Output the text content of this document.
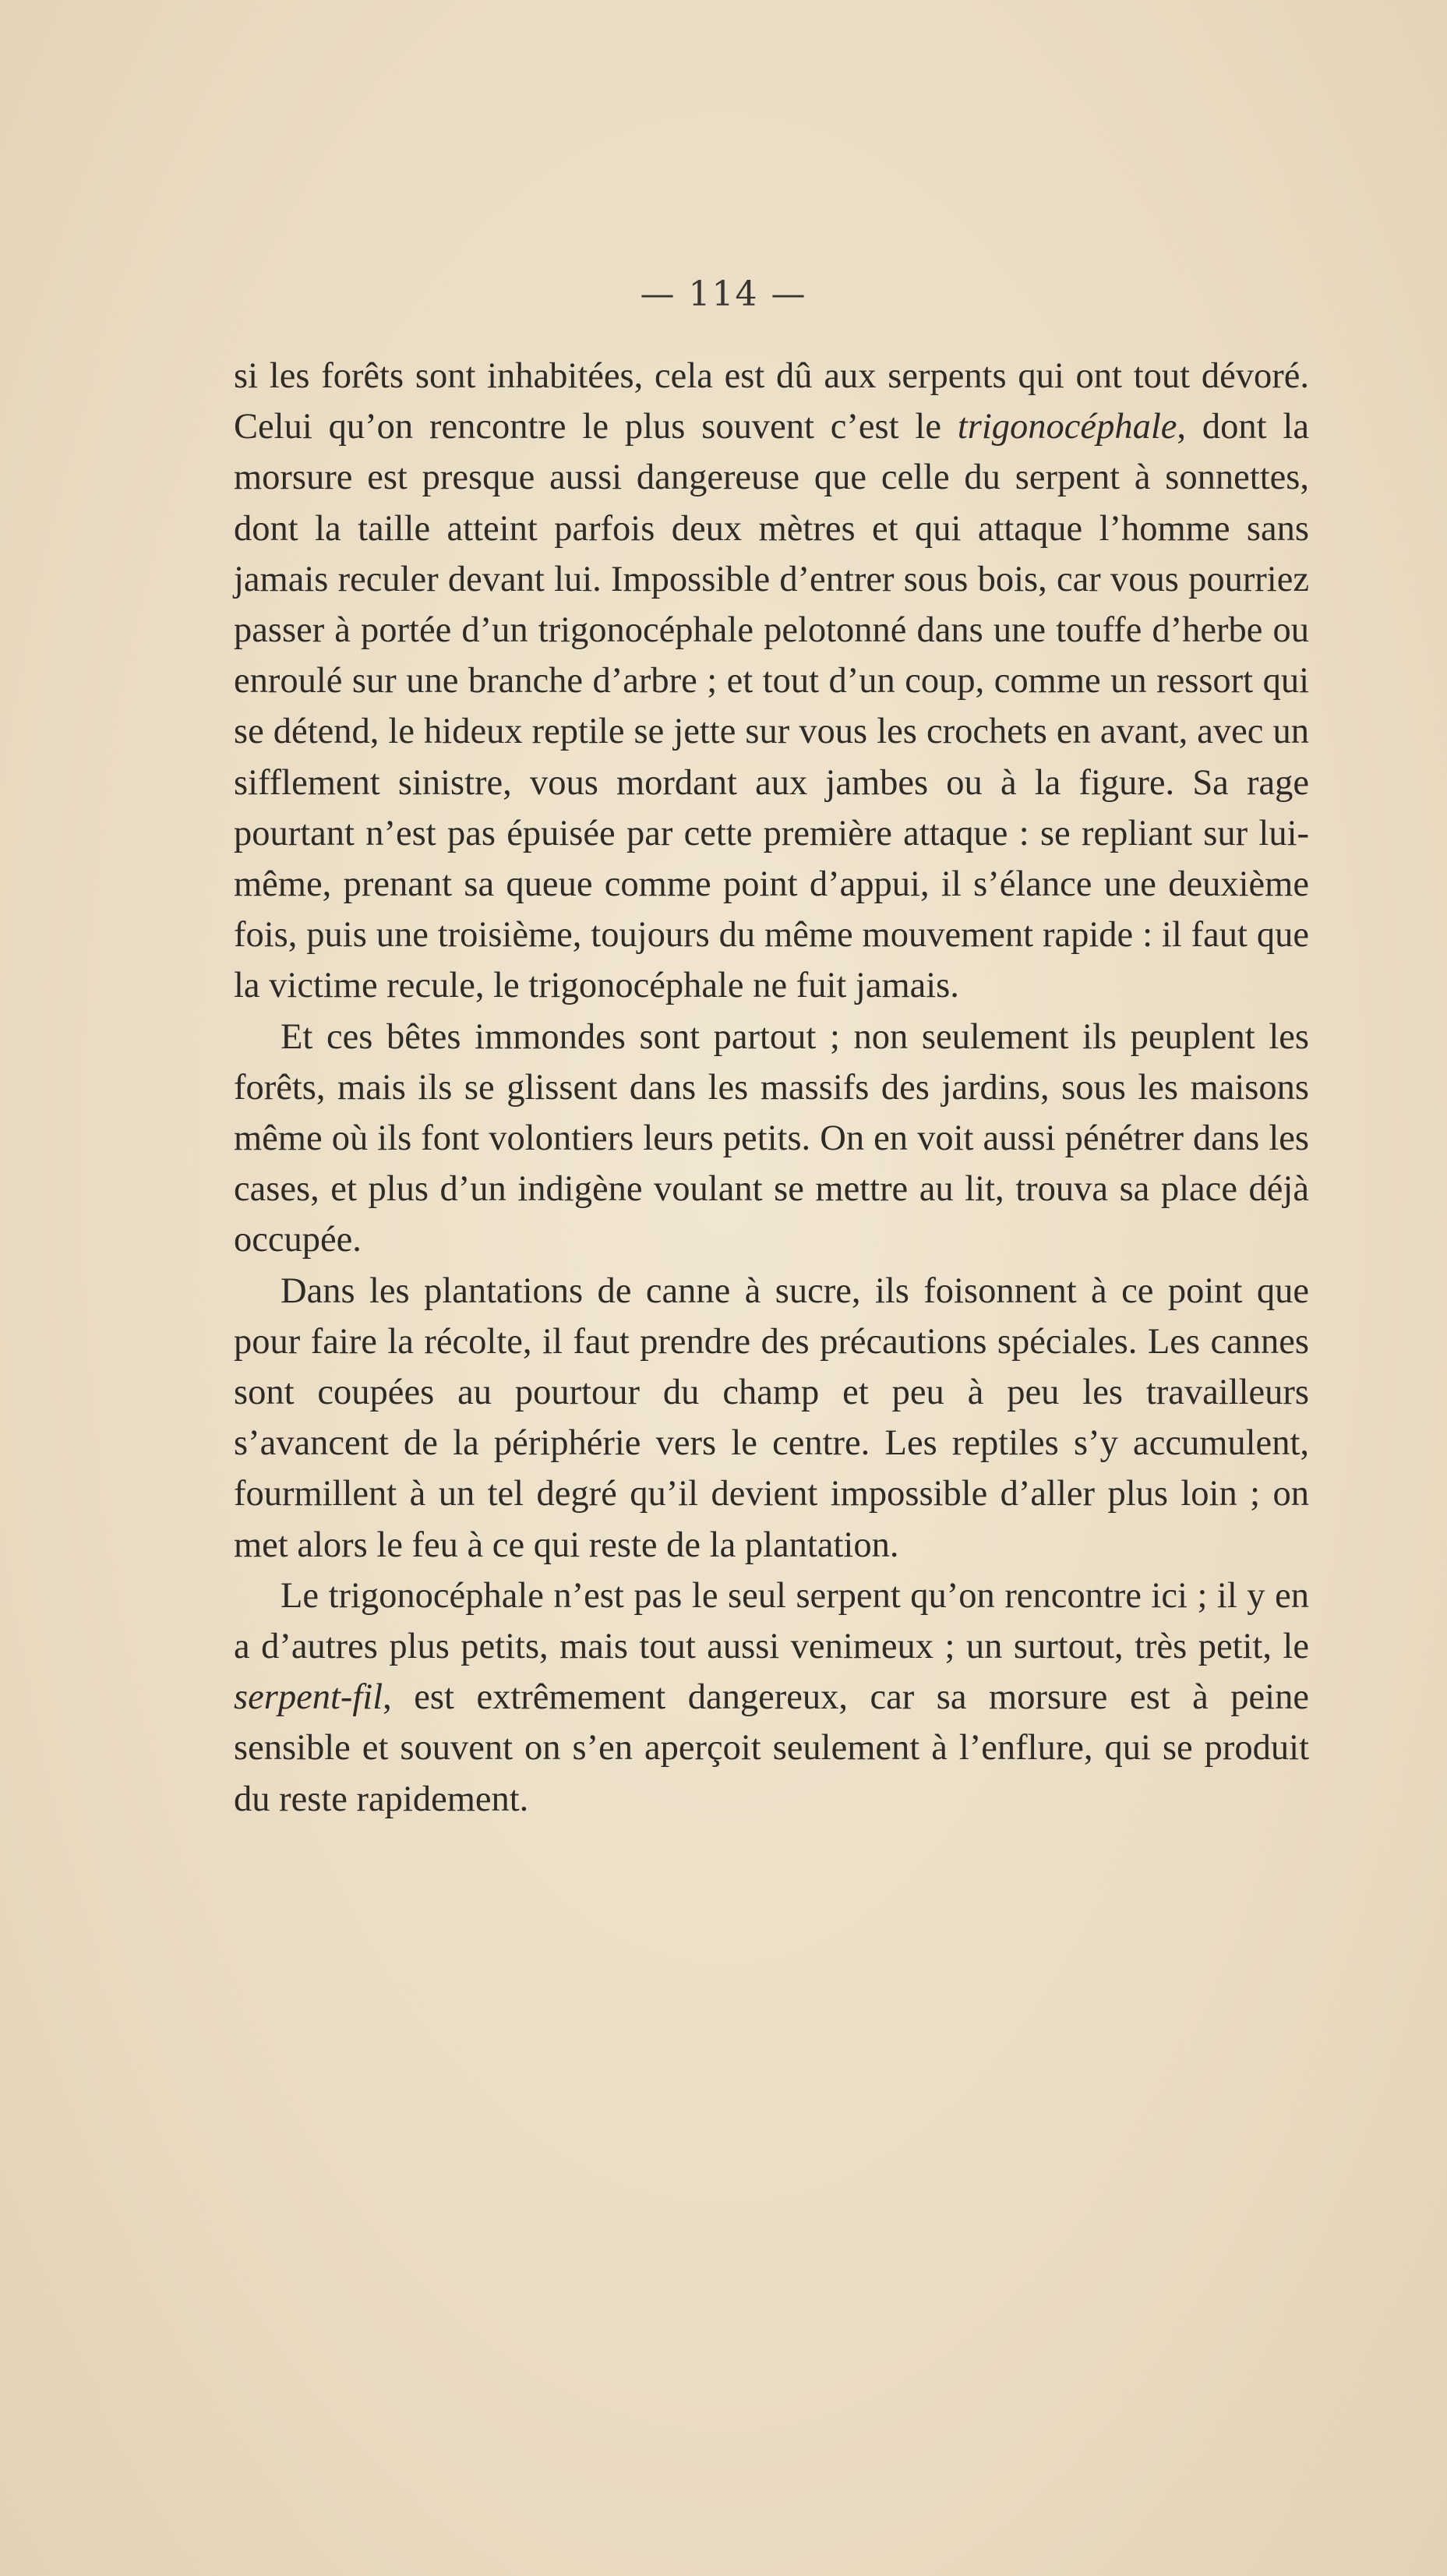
— 114 —

si les forêts sont inhabitées, cela est dû aux serpents qui ont tout dévoré. Celui qu’on rencontre le plus souvent c’est le trigonocéphale, dont la morsure est presque aussi dangereuse que celle du serpent à sonnettes, dont la taille atteint parfois deux mètres et qui attaque l’homme sans jamais reculer devant lui. Impossible d’entrer sous bois, car vous pourriez passer à portée d’un trigonocéphale pelotonné dans une touffe d’herbe ou enroulé sur une branche d’arbre ; et tout d’un coup, comme un ressort qui se détend, le hideux reptile se jette sur vous les crochets en avant, avec un sifflement sinistre, vous mordant aux jambes ou à la figure. Sa rage pourtant n’est pas épuisée par cette première attaque : se repliant sur lui-même, prenant sa queue comme point d’appui, il s’élance une deuxième fois, puis une troisième, toujours du même mouvement rapide : il faut que la victime recule, le trigonocéphale ne fuit jamais.

Et ces bêtes immondes sont partout ; non seulement ils peuplent les forêts, mais ils se glissent dans les massifs des jardins, sous les maisons même où ils font volontiers leurs petits. On en voit aussi pénétrer dans les cases, et plus d’un indigène voulant se mettre au lit, trouva sa place déjà occupée.

Dans les plantations de canne à sucre, ils foisonnent à ce point que pour faire la récolte, il faut prendre des précautions spéciales. Les cannes sont coupées au pourtour du champ et peu à peu les travailleurs s’avancent de la périphérie vers le centre. Les reptiles s’y accumulent, fourmillent à un tel degré qu’il devient impossible d’aller plus loin ; on met alors le feu à ce qui reste de la plantation.

Le trigonocéphale n’est pas le seul serpent qu’on rencontre ici ; il y en a d’autres plus petits, mais tout aussi venimeux ; un surtout, très petit, le serpent-fil, est extrêmement dangereux, car sa morsure est à peine sensible et souvent on s’en aperçoit seulement à l’enflure, qui se produit du reste rapidement.
